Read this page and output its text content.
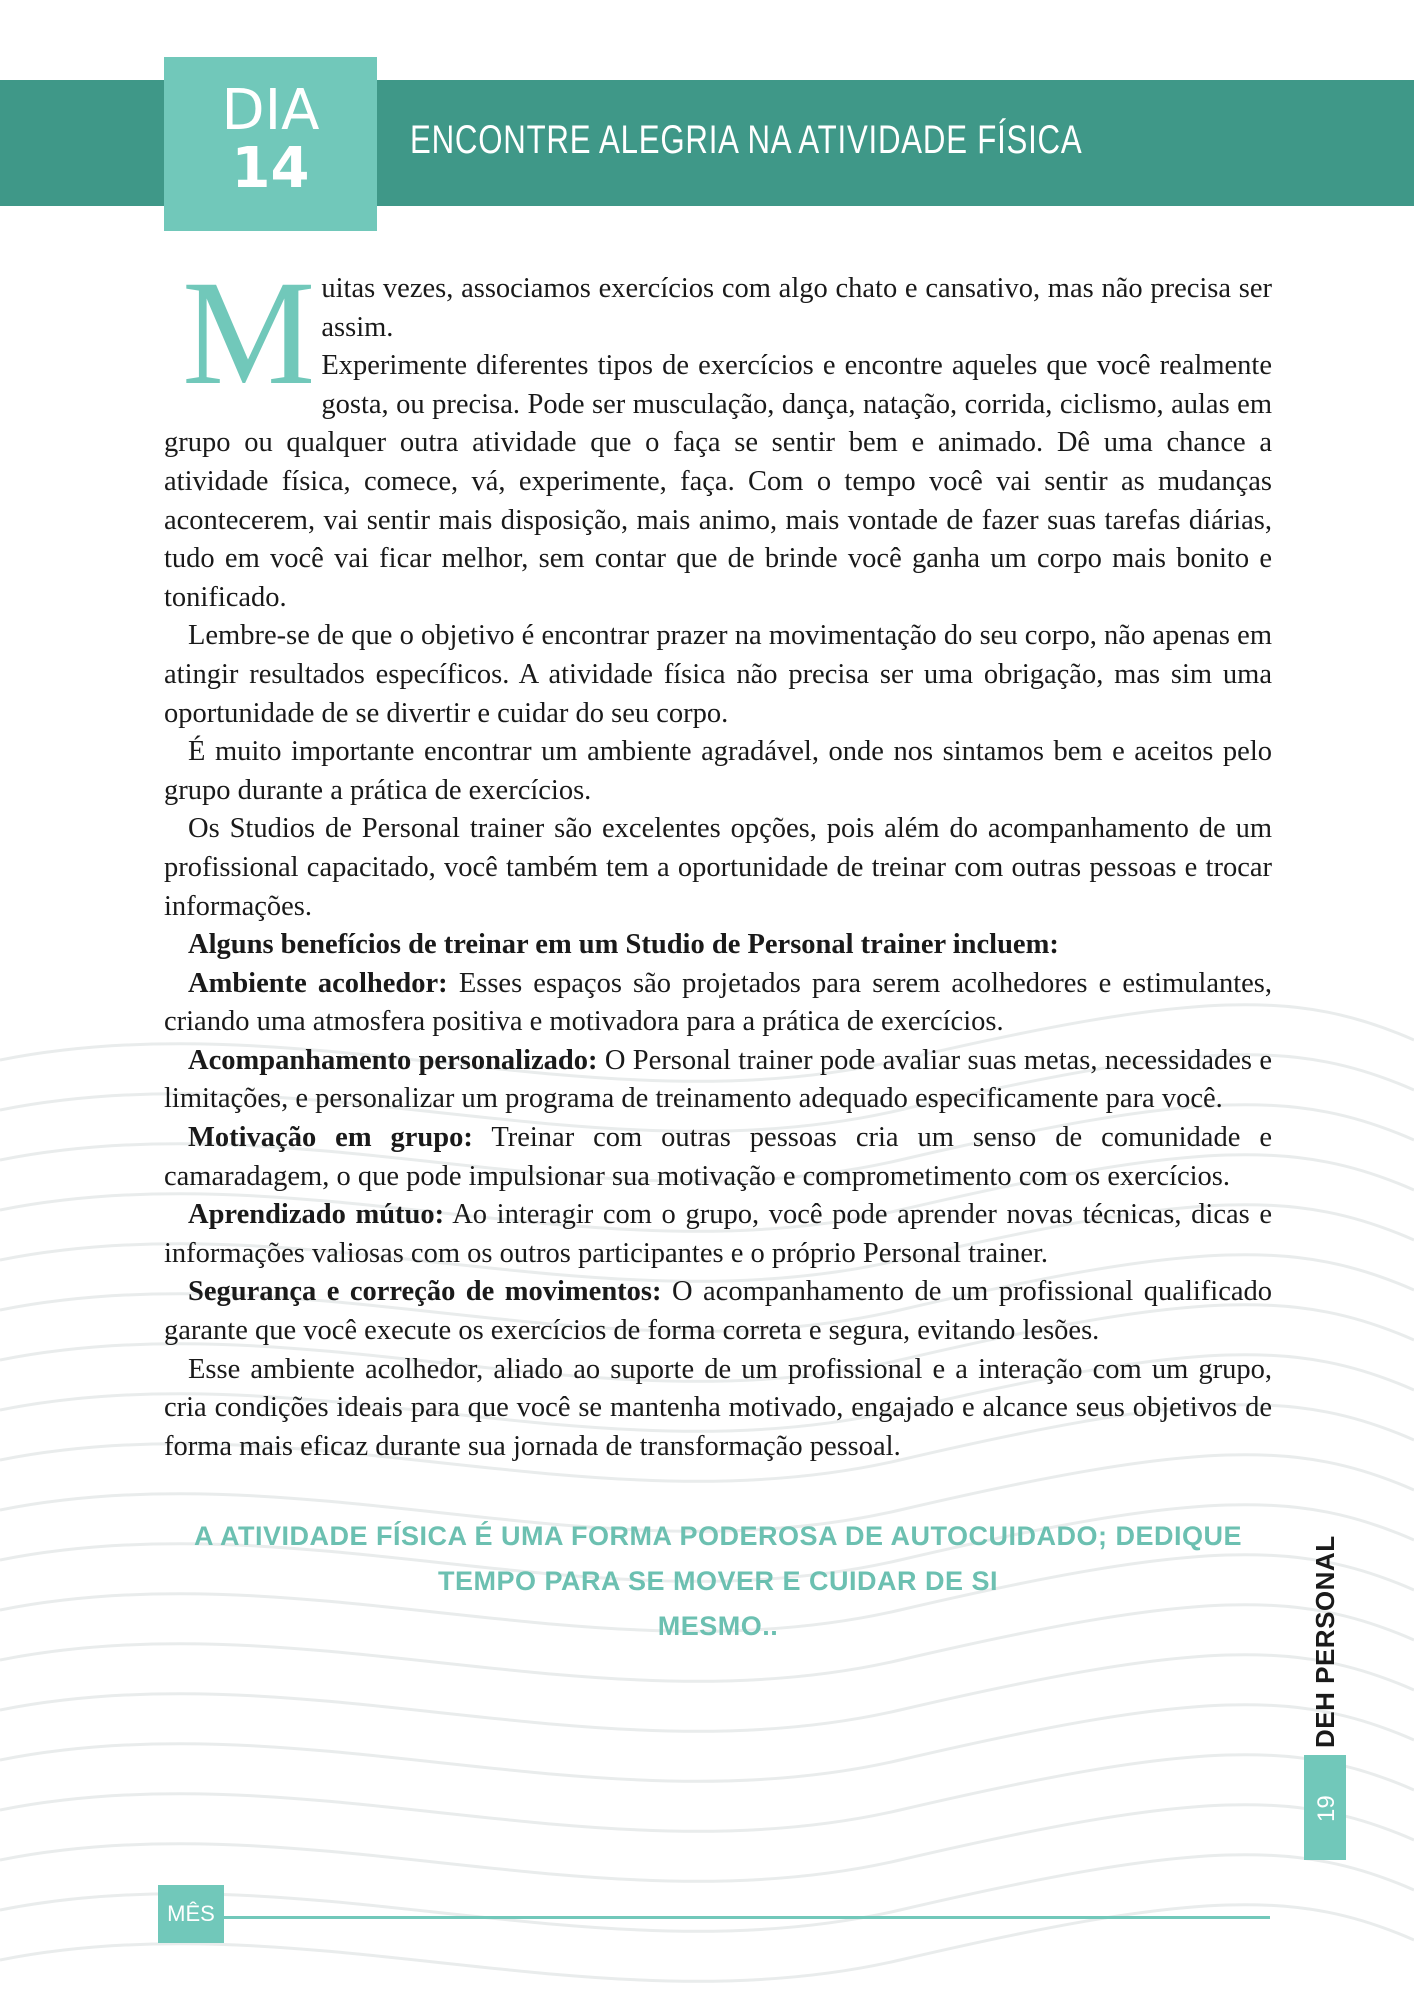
DIA
14	ENCONTRE ALEGRIA NA ATIVIDADE FÍSICA

Muitas vezes, associamos exercícios com algo chato e cansativo, mas não precisa ser assim.
Experimente diferentes tipos de exercícios e encontre aqueles que você realmente gosta, ou precisa. Pode ser musculação, dança, natação, corrida, ciclismo, aulas em grupo ou qualquer outra atividade que o faça se sentir bem e animado. Dê uma chance a atividade física, comece, vá, experimente, faça. Com o tempo você vai sentir as mudanças acontecerem, vai sentir mais disposição, mais animo, mais vontade de fazer suas tarefas diárias, tudo em você vai ficar melhor, sem contar que de brinde você ganha um corpo mais bonito e tonificado.

Lembre-se de que o objetivo é encontrar prazer na movimentação do seu corpo, não apenas em atingir resultados específicos. A atividade física não precisa ser uma obrigação, mas sim uma oportunidade de se divertir e cuidar do seu corpo.

É muito importante encontrar um ambiente agradável, onde nos sintamos bem e aceitos pelo grupo durante a prática de exercícios.

Os Studios de Personal trainer são excelentes opções, pois além do acompanhamento de um profissional capacitado, você também tem a oportunidade de treinar com outras pessoas e trocar informações.

Alguns benefícios de treinar em um Studio de Personal trainer incluem:

Ambiente acolhedor: Esses espaços são projetados para serem acolhedores e estimulantes, criando uma atmosfera positiva e motivadora para a prática de exercícios.

Acompanhamento personalizado: O Personal trainer pode avaliar suas metas, necessidades e limitações, e personalizar um programa de treinamento adequado especificamente para você.

Motivação em grupo: Treinar com outras pessoas cria um senso de comunidade e camaradagem, o que pode impulsionar sua motivação e comprometimento com os exercícios.

Aprendizado mútuo: Ao interagir com o grupo, você pode aprender novas técnicas, dicas e informações valiosas com os outros participantes e o próprio Personal trainer.

Segurança e correção de movimentos: O acompanhamento de um profissional qualificado garante que você execute os exercícios de forma correta e segura, evitando lesões.

Esse ambiente acolhedor, aliado ao suporte de um profissional e a interação com um grupo, cria condições ideais para que você se mantenha motivado, engajado e alcance seus objetivos de forma mais eficaz durante sua jornada de transformação pessoal.

A ATIVIDADE FÍSICA É UMA FORMA PODEROSA DE AUTOCUIDADO; DEDIQUE TEMPO PARA SE MOVER E CUIDAR DE SI
MESMO..	DEH PERSONAL
19
MÊS 1
